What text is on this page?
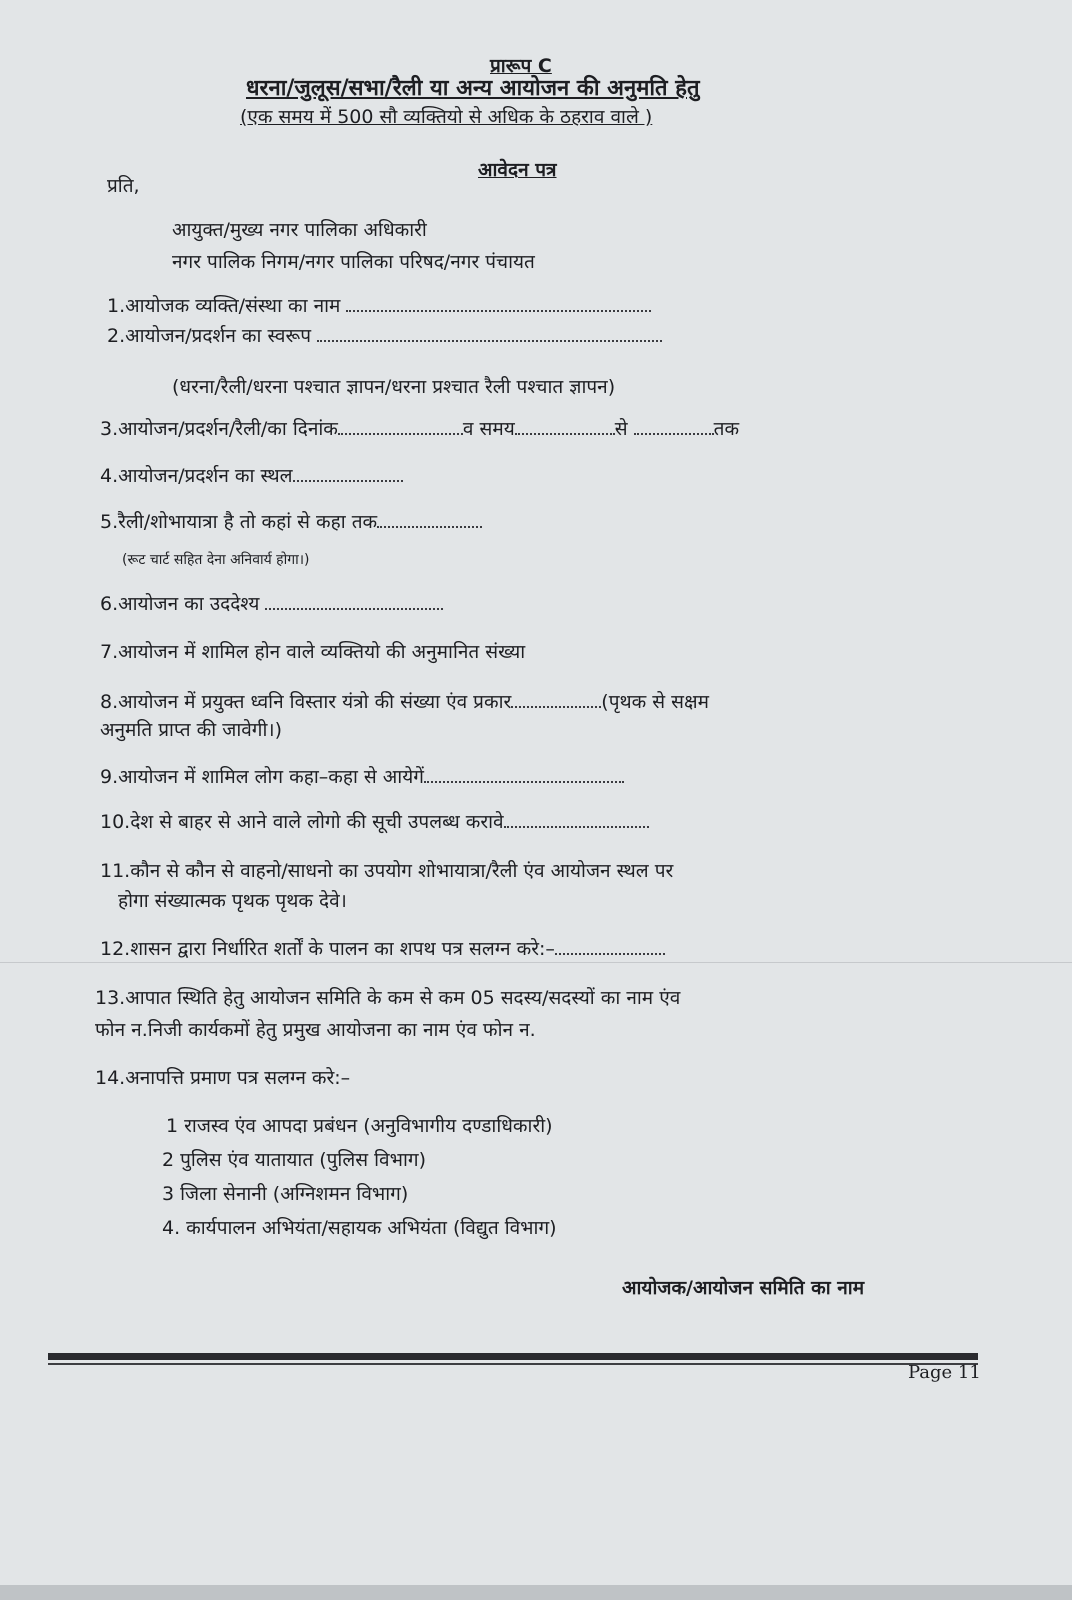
प्रारूप C
धरना/जुलूस/सभा/रैली या अन्य आयोजन की अनुमति हेतु
(एक समय में 500 सौ व्यक्तियो से अधिक के ठहराव वाले )
आवेदन पत्र
प्रति,
आयुक्त/मुख्य नगर पालिका अधिकारी
नगर पालिक निगम/नगर पालिका परिषद/नगर पंचायत
1.आयोजक व्यक्ति/संस्था का नाम
2.आयोजन/प्रदर्शन का स्वरूप
(धरना/रैली/धरना पश्चात ज्ञापन/धरना प्रश्चात रैली पश्चात ज्ञापन)
3.आयोजन/प्रदर्शन/रैली/का दिनांक	व समय	से	तक
4.आयोजन/प्रदर्शन का स्थल
5.रैली/शोभायात्रा है तो कहां से कहा तक
(रूट चार्ट सहित देना अनिवार्य होगा।)
6.आयोजन का उददेश्य
7.आयोजन में शामिल होन वाले व्यक्तियो की अनुमानित संख्या
8.आयोजन में प्रयुक्त ध्वनि विस्तार यंत्रो की संख्या एंव प्रकार	(पृथक से सक्षम
अनुमति प्राप्त की जावेगी।)
9.आयोजन में शामिल लोग कहा–कहा से आयेगें
10.देश से बाहर से आने वाले लोगो की सूची उपलब्ध करावे
11.कौन से कौन से वाहनो/साधनो का उपयोग शोभायात्रा/रैली एंव आयोजन स्थल पर
होगा संख्यात्मक पृथक पृथक देवे।
12.शासन द्वारा निर्धारित शर्तों के पालन का शपथ पत्र सलग्न करे:–
13.आपात स्थिति हेतु आयोजन समिति के कम से कम 05 सदस्य/सदस्यों का नाम एंव
फोन न.निजी कार्यकमों हेतु प्रमुख आयोजना का नाम एंव फोन न.
14.अनापत्ति प्रमाण पत्र सलग्न करे:–
1 राजस्व एंव आपदा प्रबंधन (अनुविभागीय दण्डाधिकारी)
2 पुलिस एंव यातायात (पुलिस विभाग)
3 जिला सेनानी (अग्निशमन विभाग)
4. कार्यपालन अभियंता/सहायक अभियंता (विद्युत विभाग)
आयोजक/आयोजन समिति का नाम
Page 11
